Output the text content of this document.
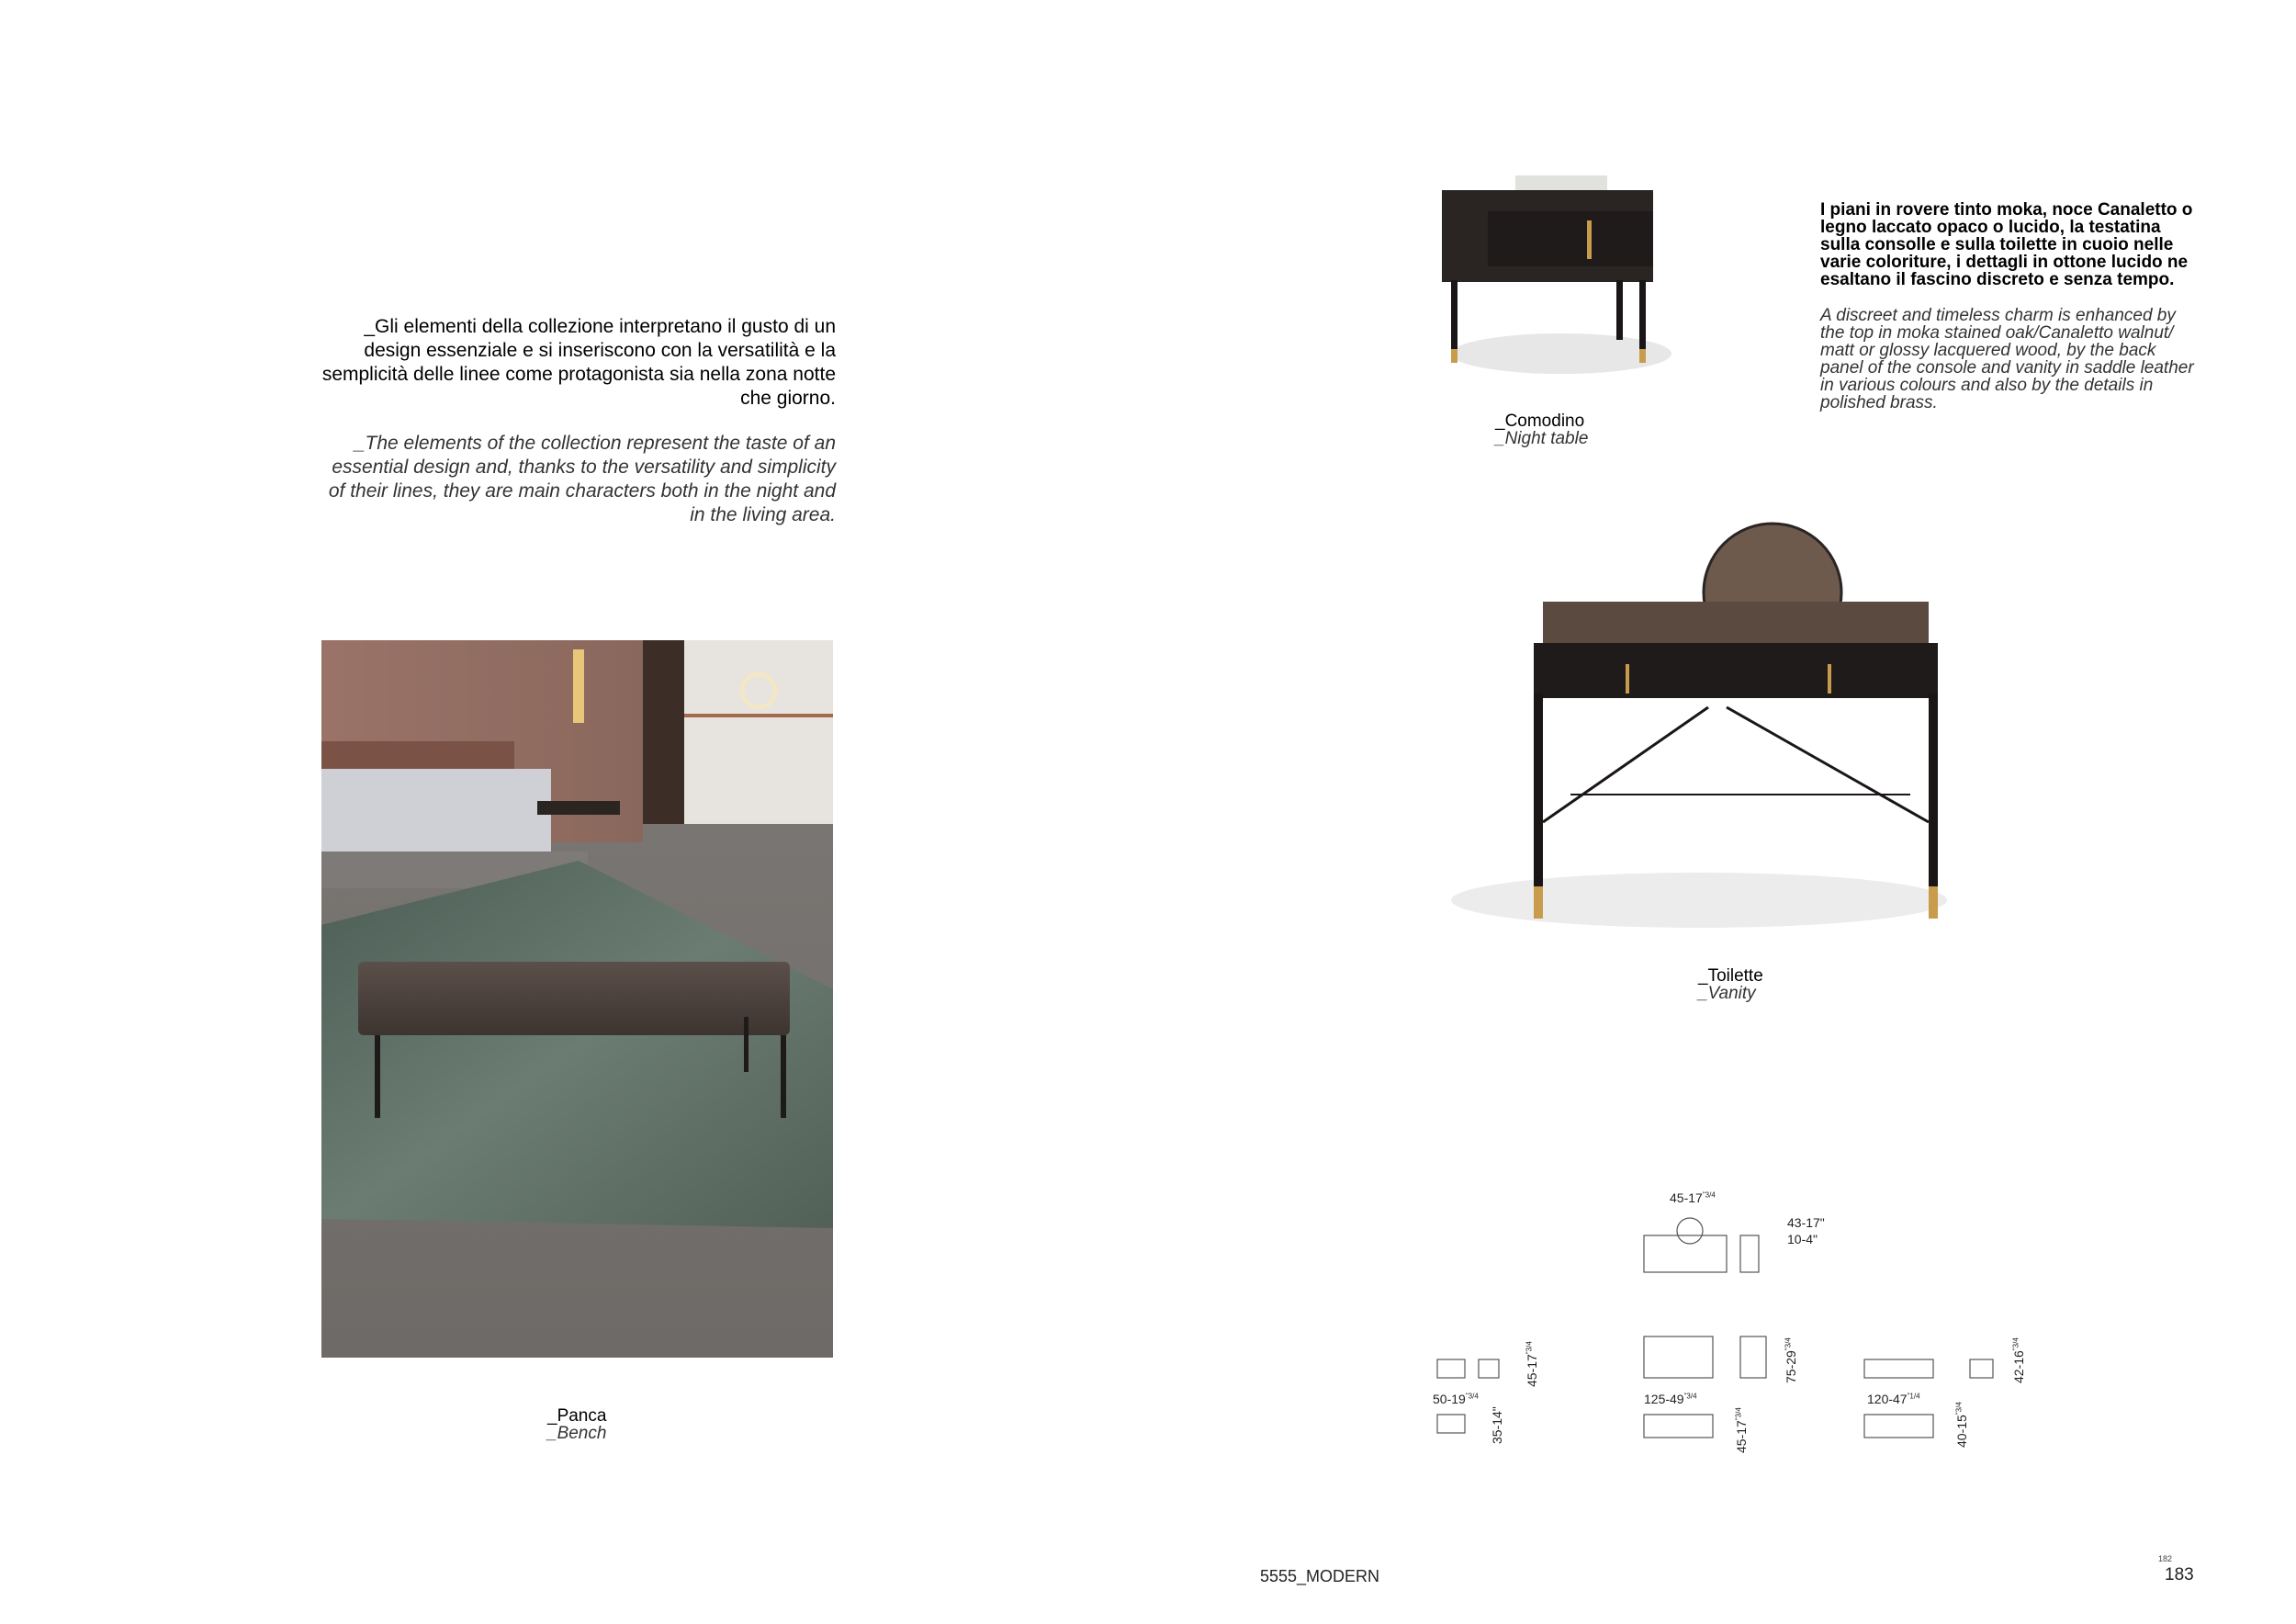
_Gli elementi della collezione interpretano il gusto di un design essenziale e si inseriscono con la versatilità e la semplicità delle linee come protagonista sia nella zona notte che giorno.
_The elements of the collection represent the taste of an essential design and, thanks to the versatility and simplicity of their lines, they are main characters both in the night and in the living area.
_Panca
_Bench
_Comodino
_Night table
I piani in rovere tinto moka, noce Canaletto o legno laccato opaco o lucido, la testatina sulla consolle e sulla toilette in cuoio nelle varie coloriture, i dettagli in ottone lucido ne esaltano il fascino discreto e senza tempo.
A discreet and timeless charm is enhanced by the top in moka stained oak/Canaletto walnut/ matt or glossy lacquered wood, by the back panel of the console and vanity in saddle leather in various colours and also by the details in polished brass.
_Toilette
_Vanity
$45-17^{"3/4}$
43-17"
10-4"
$50-19^{"3/4}$
$45-17^{"3/4}$
35-14"
$125-49^{"3/4}$
$75-29^{"3/4}$
$45-17^{"3/4}$
$120-47^{"1/4}$
$42-16^{"3/4}$
$40-15^{"3/4}$
5555_MODERN
182
183
